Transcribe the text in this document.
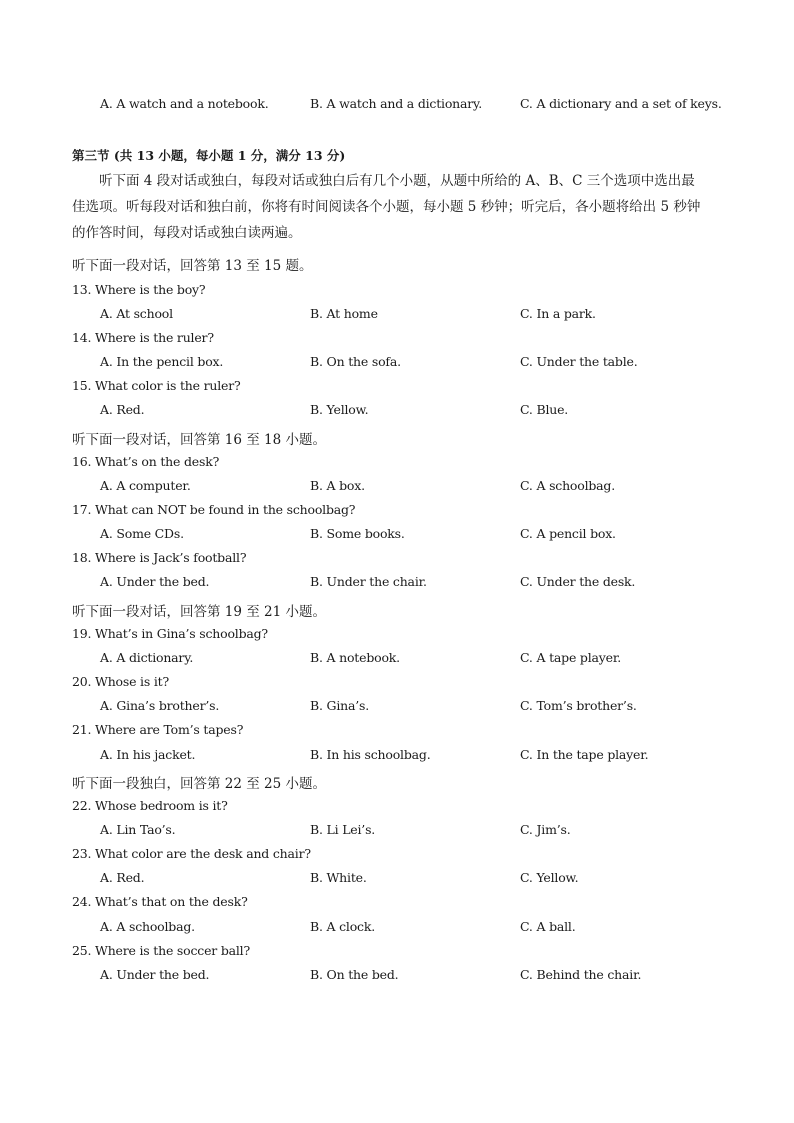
A. A watch and a notebook.	B. A watch and a dictionary.	C. A dictionary and a set of keys.
第三节 (共 13 小题，每小题 1 分，满分 13 分)
　　听下面 4 段对话或独白，每段对话或独白后有几个小题，从题中所给的 A、B、C 三个选项中选出最
佳选项。听每段对话和独白前，你将有时间阅读各个小题，每小题 5 秒钟；听完后，各小题将给出 5 秒钟
的作答时间，每段对话或独白读两遍。
听下面一段对话，回答第 13 至 15 题。
13. Where is the boy?
A. At school	B. At home	C. In a park.
14. Where is the ruler?
A. In the pencil box.	B. On the sofa.	C. Under the table.
15. What color is the ruler?
A. Red.	B. Yellow.	C. Blue.
听下面一段对话，回答第 16 至 18 小题。
16. What’s on the desk?
A. A computer.	B. A box.	C. A schoolbag.
17. What can NOT be found in the schoolbag?
A. Some CDs.	B. Some books.	C. A pencil box.
18. Where is Jack’s football?
A. Under the bed.	B. Under the chair.	C. Under the desk.
听下面一段对话，回答第 19 至 21 小题。
19. What’s in Gina’s schoolbag?
A. A dictionary.	B. A notebook.	C. A tape player.
20. Whose is it?
A. Gina’s brother’s.	B. Gina’s.	C. Tom’s brother’s.
21. Where are Tom’s tapes?
A. In his jacket.	B. In his schoolbag.	C. In the tape player.
听下面一段独白，回答第 22 至 25 小题。
22. Whose bedroom is it?
A. Lin Tao’s.	B. Li Lei’s.	C. Jim’s.
23. What color are the desk and chair?
A. Red.	B. White.	C. Yellow.
24. What’s that on the desk?
A. A schoolbag.	B. A clock.	C. A ball.
25. Where is the soccer ball?
A. Under the bed.	B. On the bed.	C. Behind the chair.
